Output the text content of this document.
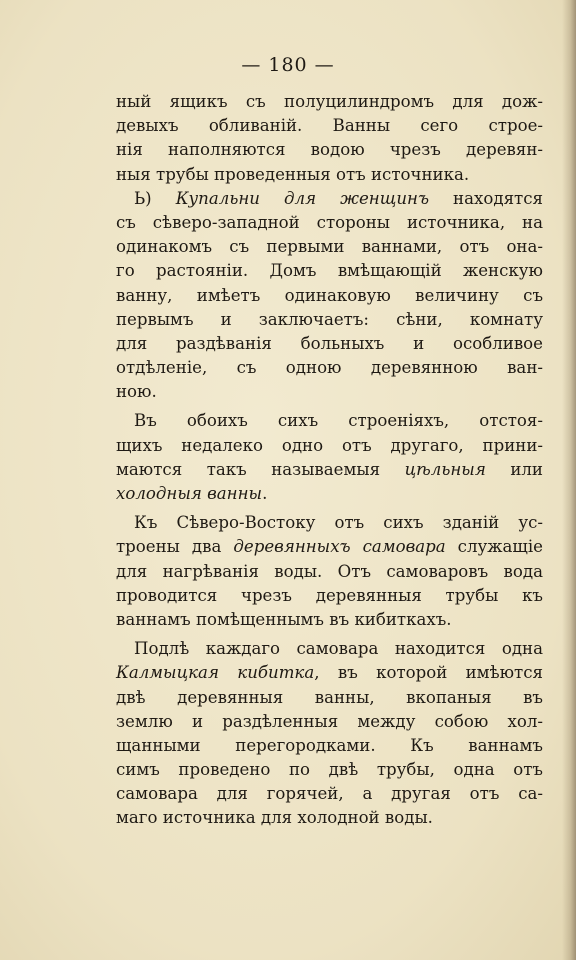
— 180 —
ный ящикъ съ полуцилиндромъ для дож-
девыхъ обливаній. Ванны сего строе-
нія наполняются водою чрезъ деревян-
ныя трубы проведенныя отъ источника.
Ь) Купальни для женщинъ находятся
съ сѣверо-западной стороны источника, на
одинакомъ съ первыми ваннами, отъ она-
го растояніи. Домъ вмѣщающій женскую
ванну, имѣетъ одинаковую величину съ
первымъ и заключаетъ: сѣни, комнату
для раздѣванія больныхъ и особливое
отдѣленіе, съ одною деревянною ван-
ною.
Въ обоихъ сихъ строеніяхъ, отстоя-
щихъ недалеко одно отъ другаго, прини-
маются такъ называемыя цѣльныя или
холодныя ванны.
Къ Сѣверо-Востоку отъ сихъ зданій ус-
троены два деревянныхъ самовара служащіе
для нагрѣванія воды. Отъ самоваровъ вода
проводится чрезъ деревянныя трубы къ
ваннамъ помѣщеннымъ въ кибиткахъ.
Подлѣ каждаго самовара находится одна
Калмыцкая кибитка, въ которой имѣются
двѣ деревянныя ванны, вкопаныя въ
землю и раздѣленныя между собою хол-
щанными перегородками. Къ ваннамъ
симъ проведено по двѣ трубы, одна отъ
самовара для горячей, а другая отъ са-
маго источника для холодной воды.
